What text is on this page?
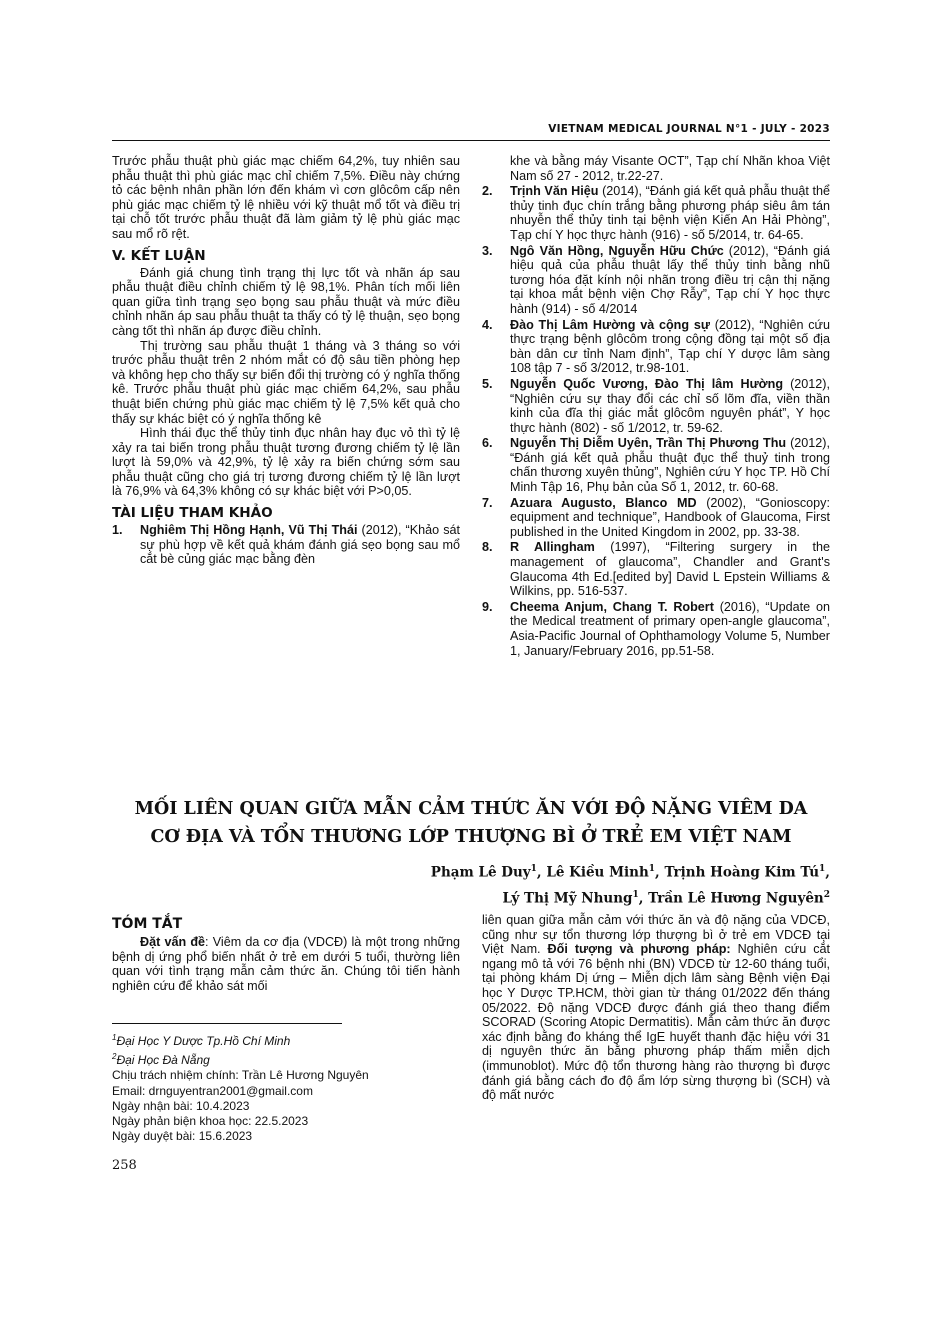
VIETNAM MEDICAL JOURNAL N°1 - JULY - 2023

Trước phẫu thuật phù giác mạc chiếm 64,2%, tuy nhiên sau phẫu thuật thì phù giác mạc chỉ chiếm 7,5%. Điều này chứng tỏ các bệnh nhân phần lớn đến khám vì cơn glôcôm cấp nên phù giác mạc chiếm tỷ lệ nhiều với kỹ thuật mổ tốt và điều trị tại chỗ tốt trước phẫu thuật đã làm giảm tỷ lệ phù giác mạc sau mổ rõ rệt.

V. KẾT LUẬN

Đánh giá chung tình trạng thị lực tốt và nhãn áp sau phẫu thuật điều chỉnh chiếm tỷ lệ 98,1%. Phân tích mối liên quan giữa tình trạng sẹo bọng sau phẫu thuật và mức điều chỉnh nhãn áp sau phẫu thuật ta thấy có tỷ lệ thuận, sẹo bọng càng tốt thì nhãn áp được điều chỉnh.

Thị trường sau phẫu thuật 1 tháng và 3 tháng so với trước phẫu thuật trên 2 nhóm mắt có độ sâu tiền phòng hẹp và không hẹp cho thấy sự biến đổi thị trường có ý nghĩa thống kê. Trước phẫu thuật phù giác mạc chiếm 64,2%, sau phẫu thuật biến chứng phù giác mạc chiếm tỷ lệ 7,5% kết quả cho thấy sự khác biệt có ý nghĩa thống kê

Hình thái đục thể thủy tinh đục nhân hay đục vỏ thì tỷ lệ xảy ra tai biến trong phẫu thuật tương đương chiếm tỷ lệ lần lượt là 59,0% và 42,9%, tỷ lệ xảy ra biến chứng sớm sau phẫu thuật cũng cho giá trị tương đương chiếm tỷ lệ lần lượt là 76,9% và 64,3% không có sự khác biệt với P>0,05.

TÀI LIỆU THAM KHẢO
1. Nghiêm Thị Hồng Hạnh, Vũ Thị Thái (2012), “Khảo sát sự phù hợp về kết quả khám đánh giá sẹo bọng sau mổ cắt bè củng giác mạc bằng đèn
khe và bằng máy Visante OCT”, Tạp chí Nhãn khoa Việt Nam số 27 - 2012, tr.22-27.
2. Trịnh Văn Hiệu (2014), “Đánh giá kết quả phẫu thuật thể thủy tinh đục chín trắng bằng phương pháp siêu âm tán nhuyễn thể thủy tinh tại bệnh viện Kiến An Hải Phòng”, Tạp chí Y học thực hành (916) - số 5/2014, tr. 64-65.
3. Ngô Văn Hồng, Nguyễn Hữu Chức (2012), “Đánh giá hiệu quả của phẫu thuật lấy thể thủy tinh bằng nhũ tương hóa đặt kính nội nhãn trong điều trị cận thị nặng tại khoa mắt bệnh viện Chợ Rẫy”, Tạp chí Y học thực hành (914) - số 4/2014
4. Đào Thị Lâm Hường và cộng sự (2012), “Nghiên cứu thực trạng bệnh glôcôm trong cộng đồng tại một số địa bàn dân cư tỉnh Nam định”, Tạp chí Y dược lâm sàng 108 tập 7 - số 3/2012, tr.98-101.
5. Nguyễn Quốc Vương, Đào Thị lâm Hường (2012), “Nghiên cứu sự thay đổi các chỉ số lõm đĩa, viền thần kinh của đĩa thị giác mắt glôcôm nguyên phát”, Y học thực hành (802) - số 1/2012, tr. 59-62.
6. Nguyễn Thị Diễm Uyên, Trần Thị Phương Thu (2012), “Đánh giá kết quả phẫu thuật đục thể thuỷ tinh trong chấn thương xuyên thủng”, Nghiên cứu Y học TP. Hồ Chí Minh Tập 16, Phụ bản của Số 1, 2012, tr. 60-68.
7. Azuara Augusto, Blanco MD (2002), “Gonioscopy: equipment and technique”, Handbook of Glaucoma, First published in the United Kingdom in 2002, pp. 33-38.
8. R Allingham (1997), “Filtering surgery in the management of glaucoma”, Chandler and Grant's Glaucoma 4th Ed.[edited by] David L Epstein Williams & Wilkins, pp. 516-537.
9. Cheema Anjum, Chang T. Robert (2016), “Update on the Medical treatment of primary open-angle glaucoma”, Asia-Pacific Journal of Ophthamology Volume 5, Number 1, January/February 2016, pp.51-58.
MỐI LIÊN QUAN GIỮA MẪN CẢM THỨC ĂN VỚI ĐỘ NẶNG VIÊM DA
CƠ ĐỊA VÀ TỔN THƯƠNG LỚP THƯỢNG BÌ Ở TRẺ EM VIỆT NAM
Phạm Lê Duy$^1$, Lê Kiều Minh$^1$, Trịnh Hoàng Kim $Tú^1$,
Lý Thị Mỹ Nhung$^1$, Trần Lê Hương Nguyên$^2$
TÓM TẮT

Đặt vấn đề: Viêm da cơ địa (VDCĐ) là một trong những bệnh dị ứng phổ biến nhất ở trẻ em dưới 5 tuổi, thường liên quan với tình trạng mẫn cảm thức ăn. Chúng tôi tiến hành nghiên cứu để khảo sát mối

liên quan giữa mẫn cảm với thức ăn và độ nặng của VDCĐ, cũng như sự tổn thương lớp thượng bì ở trẻ em VDCĐ tại Việt Nam. Đối tượng và phương pháp: Nghiên cứu cắt ngang mô tả với 76 bệnh nhi (BN) VDCĐ từ 12-60 tháng tuổi, tại phòng khám Dị ứng – Miễn dịch lâm sàng Bệnh viện Đại học Y Dược TP.HCM, thời gian từ tháng 01/2022 đến tháng 05/2022. Độ nặng VDCĐ được đánh giá theo thang điểm SCORAD (Scoring Atopic Dermatitis). Mẫn cảm thức ăn được xác định bằng đo kháng thể IgE huyết thanh đặc hiệu với 31 dị nguyên thức ăn bằng phương pháp thấm miễn dịch (immunoblot). Mức độ tổn thương hàng rào thượng bì được đánh giá bằng cách đo độ ẩm lớp sừng thượng bì (SCH) và độ mất nước

$^1$Đại Học Y Dược Tp.Hồ Chí Minh

$^2$Đại Học Đà Nẵng

Chịu trách nhiệm chính: Trần Lê Hương Nguyên

Email: drnguyentran2001@gmail.com

Ngày nhận bài: 10.4.2023

Ngày phản biện khoa học: 22.5.2023

Ngày duyệt bài: 15.6.2023

258
